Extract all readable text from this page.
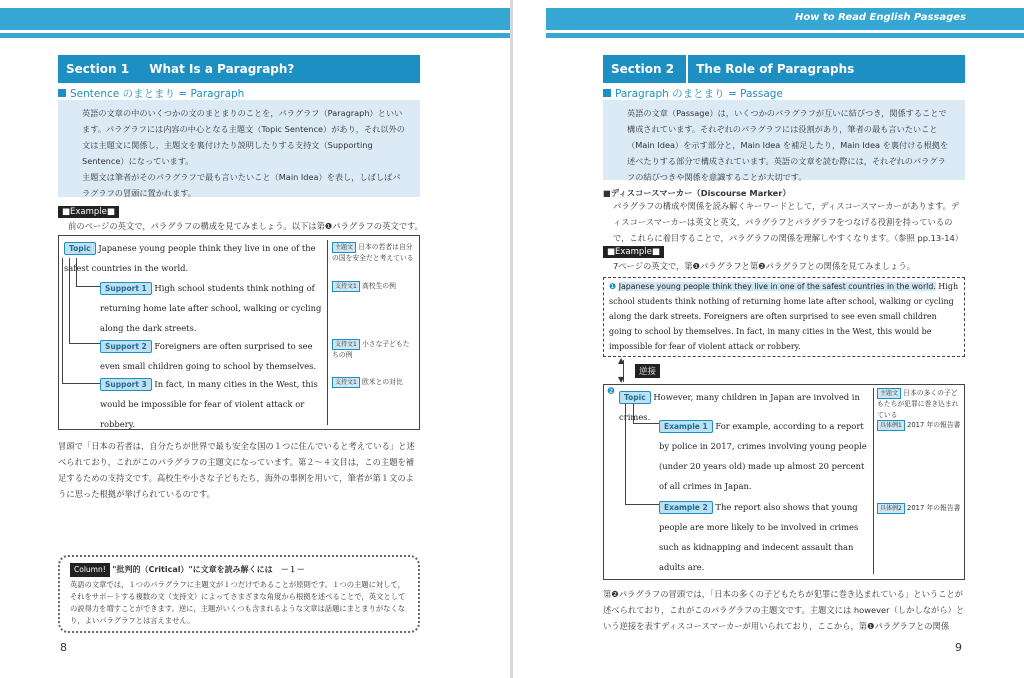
Section 1 What Is a Paragraph?
Sentence のまとまり = Paragraph
英語の文章の中のいくつかの文のまとまりのことを，パラグラフ（Paragraph）といいます。パラグラフには内容の中心となる主題文（Topic Sentence）があり，それ以外の文は主題文に関係し，主題文を裏付けたり説明したりする支持文（Supporting Sentence）になっています。
主題文は筆者がそのパラグラフで最も言いたいこと（Main Idea）を表し，しばしばパラグラフの冒頭に置かれます。
■Example■
前のページの英文で，パラグラフの構成を見てみましょう。以下は第❶パラグラフの英文です。
Topic Japanese young people think they live in one of the safest countries in the world.
Support 1 High school students think nothing of returning home late after school, walking or cycling along the dark streets.
Support 2 Foreigners are often surprised to see even small children going to school by themselves.
Support 3 In fact, in many cities in the West, this would be impossible for fear of violent attack or robbery.
主題文 日本の若者は自分の国を安全だと考えている
支持文1 高校生の例
支持文1 小さな子どもたちの例
支持文1 欧米との対比
冒頭で「日本の若者は，自分たちが世界で最も安全な国の１つに住んでいると考えている」と述べられており，これがこのパラグラフの主題文になっています。第２～４文目は，この主題を補足するための支持文です。高校生や小さな子どもたち，海外の事例を用いて，筆者が第１文のように思った根拠が挙げられているのです。
Column! "批判的（Critical）"に文章を読み解くには　－１－
英語の文章では，１つのパラグラフに主題文が１つだけであることが原則です。１つの主題に対して，それをサポートする複数の文（支持文）によってさまざまな角度から根拠を述べることで，英文としての説得力を増すことができます。逆に，主題がいくつも含まれるような文章は話題にまとまりがなくなり，よいパラグラフとは言えません。
8
How to Read English Passages
Section 2 The Role of Paragraphs
Paragraph のまとまり = Passage
英語の文章（Passage）は，いくつかのパラグラフが互いに結びつき，関係することで構成されています。それぞれのパラグラフには役割があり，筆者の最も言いたいこと（Main Idea）を示す部分と，Main Idea を補足したり，Main Idea を裏付ける根拠を述べたりする部分で構成されています。英語の文章を読む際には，それぞれのパラグラフの結びつきや関係を意識することが大切です。
■ディスコースマーカー（Discourse Marker）
パラグラフの構成や関係を読み解くキーワードとして，ディスコースマーカーがあります。ディスコースマーカーは英文と英文，パラグラフとパラグラフをつなげる役割を持っているので，これらに着目することで，パラグラフの関係を理解しやすくなります。（参照 pp.13-14）
■Example■
7ページの英文で，第❶パラグラフと第❷パラグラフとの関係を見てみましょう。
❶ Japanese young people think they live in one of the safest countries in the world. High school students think nothing of returning home late after school, walking or cycling along the dark streets. Foreigners are often surprised to see even small children going to school by themselves. In fact, in many cities in the West, this would be impossible for fear of violent attack or robbery.
▲
▼
逆接
❷
Topic However, many children in Japan are involved in crimes.
Example 1 For example, according to a report by police in 2017, crimes involving young people (under 20 years old) made up almost 20 percent of all crimes in Japan.
Example 2 The report also shows that young people are more likely to be involved in crimes such as kidnapping and indecent assault than adults are.
主題文 日本の多くの子どもたちが犯罪に巻き込まれている
具体例1 2017 年の報告書
具体例2 2017 年の報告書
第❷パラグラフの冒頭では，「日本の多くの子どもたちが犯罪に巻き込まれている」ということが述べられており，これがこのパラグラフの主題文です。主題文には however（しかしながら）という逆接を表すディスコースマーカーが用いられており，ここから，第❶パラグラフとの関係
9
